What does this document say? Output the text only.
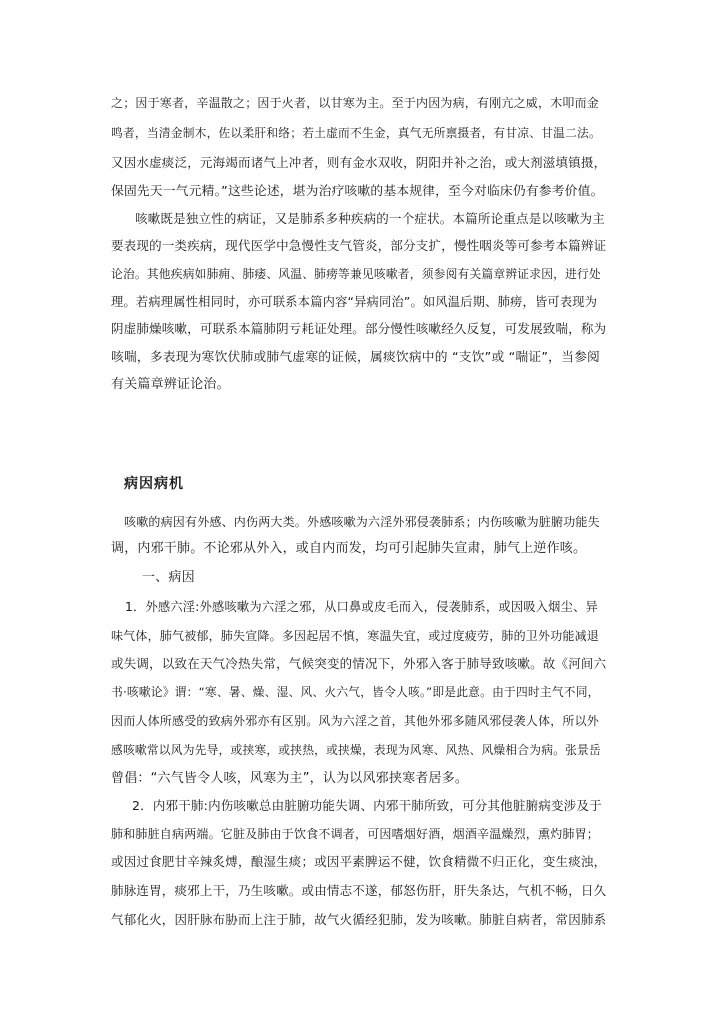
之；因于寒者，辛温散之；因于火者，以甘寒为主。至于内因为病，有刚亢之威，木叩而金
鸣者，当清金制木，佐以柔肝和络；若土虚而不生金，真气无所禀摄者，有甘凉、甘温二法。
又因水虚痰泛，元海竭而诸气上冲者，则有金水双收，阴阳并补之治，或大剂滋填镇摄，
保固先天一气元精。”这些论述，堪为治疗咳嗽的基本规律，至今对临床仍有参考价值。
咳嗽既是独立性的病证，又是肺系多种疾病的一个症状。本篇所论重点是以咳嗽为主
要表现的一类疾病，现代医学中急慢性支气管炎，部分支扩，慢性咽炎等可参考本篇辨证
论治。其他疾病如肺痈、肺痿、风温、肺痨等兼见咳嗽者，须参阅有关篇章辨证求因，进行处
理。若病理属性相同时，亦可联系本篇内容“异病同治”。如风温后期、肺痨，皆可表现为
阴虚肺燥咳嗽，可联系本篇肺阴亏耗证处理。部分慢性咳嗽经久反复，可发展致喘，称为
咳喘，多表现为寒饮伏肺或肺气虚寒的证候，属痰饮病中的 “支饮”或 “喘证”，当参阅
有关篇章辨证论治。
病因病机
咳嗽的病因有外感、内伤两大类。外感咳嗽为六淫外邪侵袭肺系；内伤咳嗽为脏腑功能失
调，内邪干肺。不论邪从外入，或自内而发，均可引起肺失宣肃，肺气上逆作咳。
一、病因
1．外感六淫:外感咳嗽为六淫之邪，从口鼻或皮毛而入，侵袭肺系，或因吸入烟尘、异
味气体，肺气被郁，肺失宣降。多因起居不慎，寒温失宜，或过度疲劳，肺的卫外功能减退
或失调，以致在天气冷热失常，气候突变的情况下，外邪入客于肺导致咳嗽。故《河间六
书·咳嗽论》谓：“寒、暑、燥、湿、风、火六气，皆令人咳。”即是此意。由于四时主气不同，
因而人体所感受的致病外邪亦有区别。风为六淫之首，其他外邪多随风邪侵袭人体，所以外
感咳嗽常以风为先导，或挟寒，或挟热，或挟燥，表现为风寒、风热、风燥相合为病。张景岳
曾倡：“六气皆令人咳，风寒为主”，认为以风邪挟寒者居多。
2．内邪干肺:内伤咳嗽总由脏腑功能失调、内邪干肺所致，可分其他脏腑病变涉及于
肺和肺脏自病两端。它脏及肺由于饮食不调者，可因嗜烟好酒，烟酒辛温燥烈，熏灼肺胃；
或因过食肥甘辛辣炙煿，酿湿生痰；或因平素脾运不健，饮食精微不归正化，变生痰浊，
肺脉连胃，痰邪上干，乃生咳嗽。或由情志不遂，郁怒伤肝，肝失条达，气机不畅，日久
气郁化火，因肝脉布胁而上注于肺，故气火循经犯肺，发为咳嗽。肺脏自病者，常因肺系
